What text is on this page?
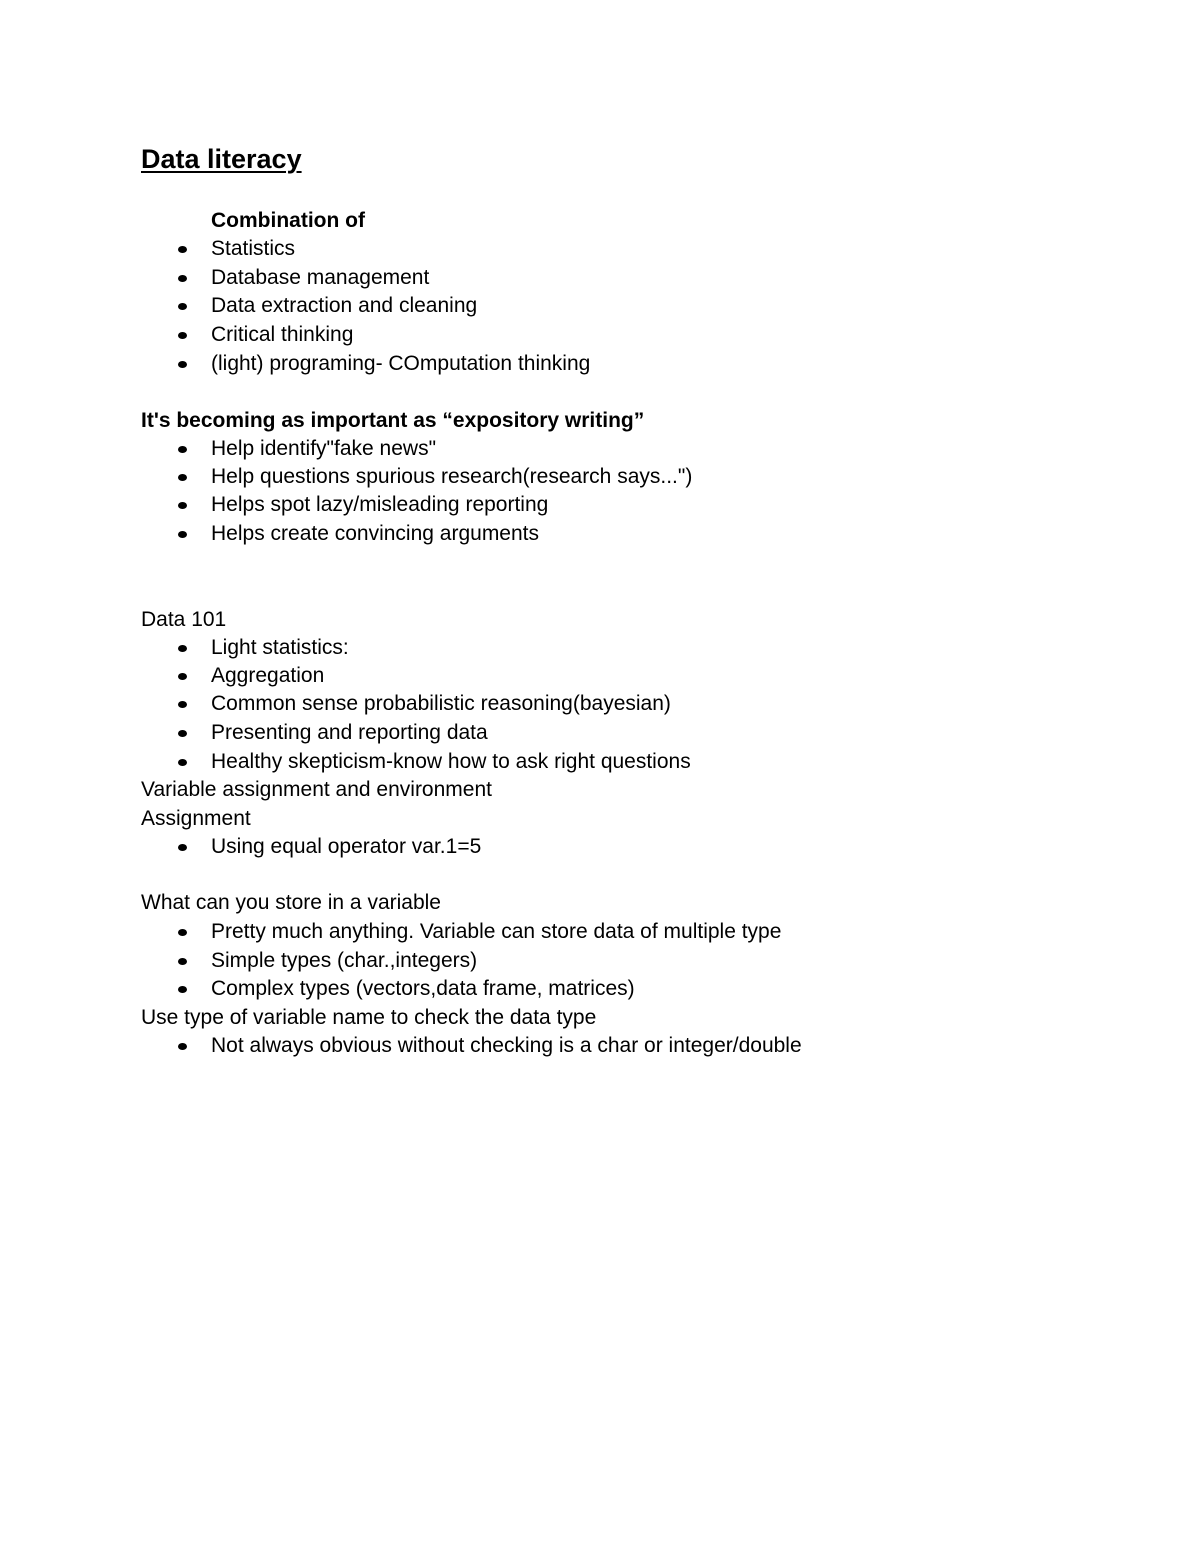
Data literacy
Combination of
Statistics
Database management
Data extraction and cleaning
Critical thinking
(light) programing- COmputation thinking
It's becoming as important as “expository writing”
Help identify"fake news"
Help questions spurious research(research says...")
Helps spot lazy/misleading reporting
Helps create convincing arguments
Data 101
Light statistics:
Aggregation
Common sense probabilistic reasoning(bayesian)
Presenting and reporting data
Healthy skepticism-know how to ask right questions
Variable assignment and environment
Assignment
Using equal operator var.1=5
What can you store in a variable
Pretty much anything. Variable can store data of multiple type
Simple types (char.,integers)
Complex types (vectors,data frame, matrices)
Use type of variable name to check the data type
Not always obvious without checking is a char or integer/double
